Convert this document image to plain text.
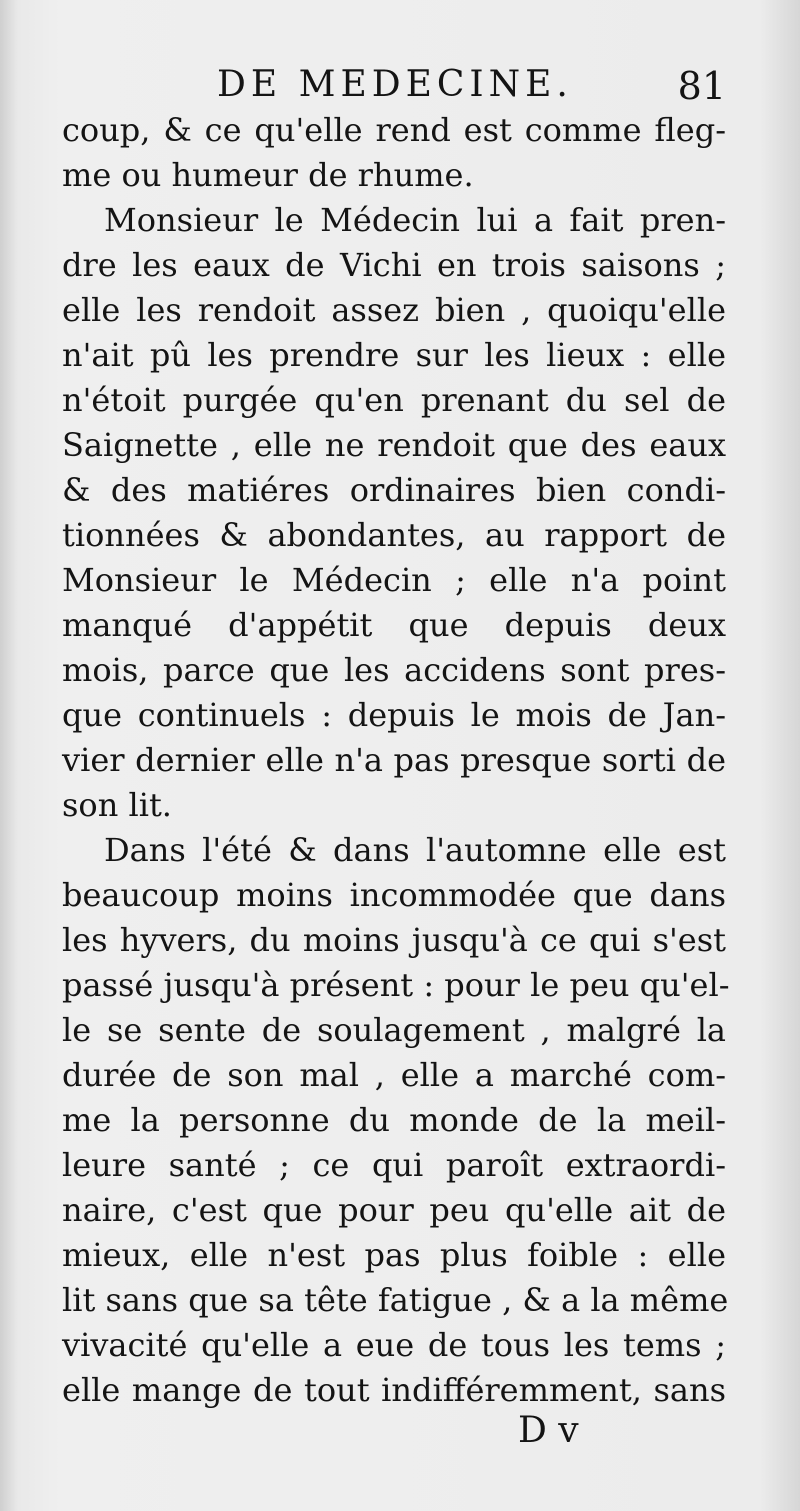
DE MEDECINE.	81
coup, & ce qu'elle rend est comme fleg-
me ou humeur de rhume.
Monsieur le Médecin lui a fait pren-
dre les eaux de Vichi en trois saisons ;
elle les rendoit assez bien , quoiqu'elle
n'ait pû les prendre sur les lieux : elle
n'étoit purgée qu'en prenant du sel de
Saignette , elle ne rendoit que des eaux
& des matiéres ordinaires bien condi-
tionnées & abondantes, au rapport de
Monsieur le Médecin ; elle n'a point
manqué d'appétit que depuis deux
mois, parce que les accidens sont pres-
que continuels : depuis le mois de Jan-
vier dernier elle n'a pas presque sorti de
son lit.
Dans l'été & dans l'automne elle est
beaucoup moins incommodée que dans
les hyvers, du moins jusqu'à ce qui s'est
passé jusqu'à présent : pour le peu qu'el-
le se sente de soulagement , malgré la
durée de son mal , elle a marché com-
me la personne du monde de la meil-
leure santé ; ce qui paroît extraordi-
naire, c'est que pour peu qu'elle ait de
mieux, elle n'est pas plus foible : elle
lit sans que sa tête fatigue , & a la même
vivacité qu'elle a eue de tous les tems ;
elle mange de tout indifféremment, sans
D v
